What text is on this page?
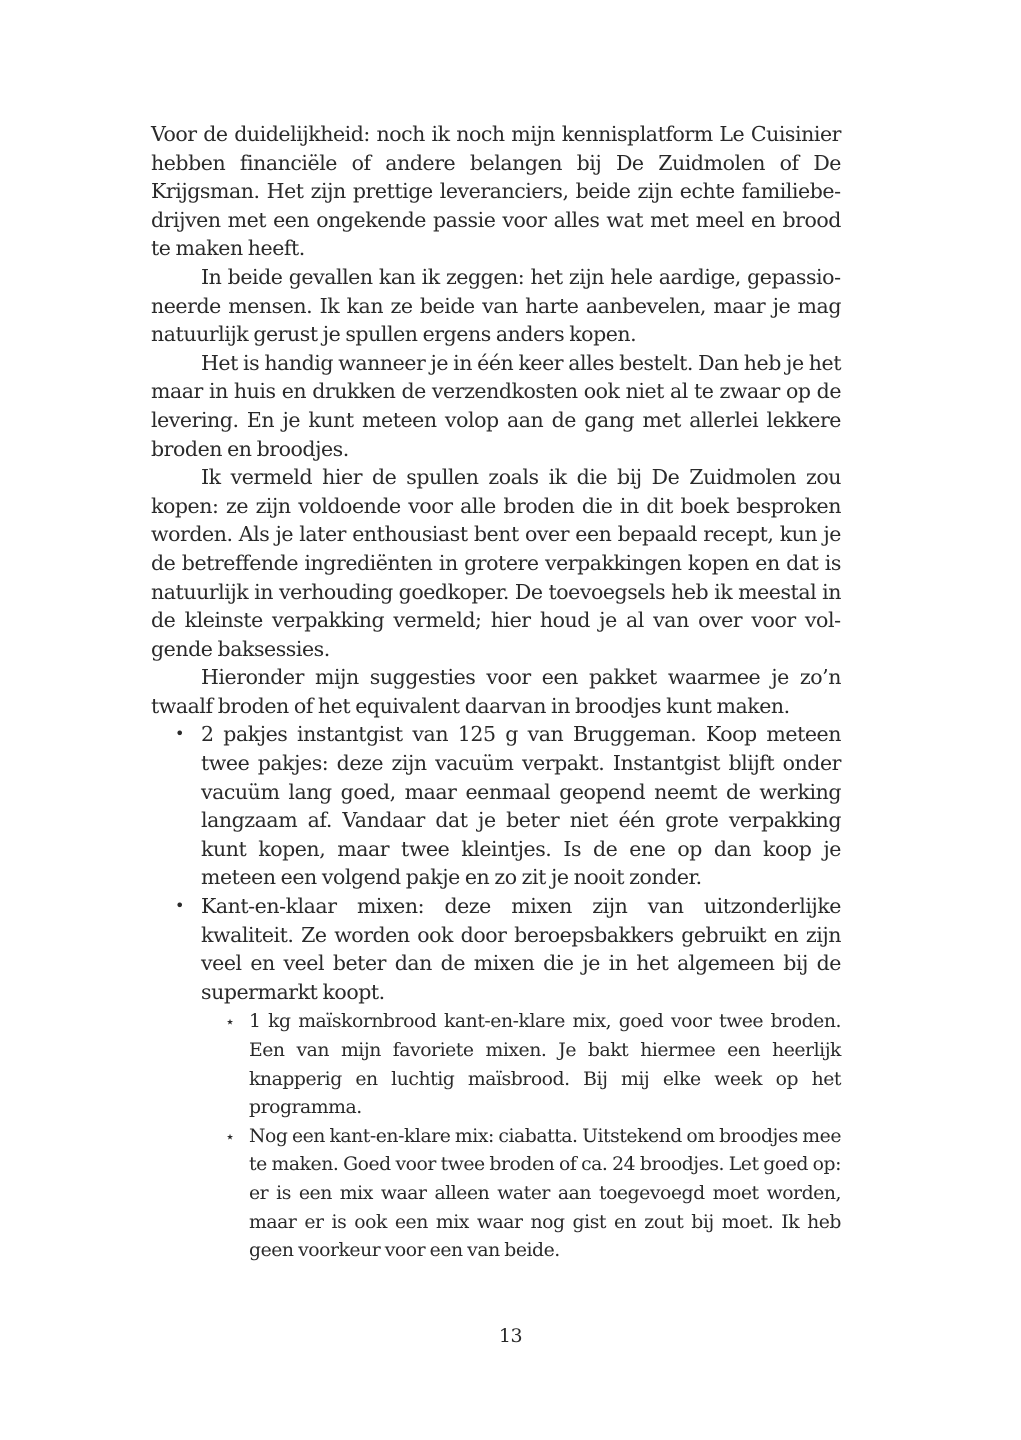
Voor de duidelijkheid: noch ik noch mijn kennisplatform Le Cuisinier hebben financiële of andere belangen bij De Zuidmolen of De Krijgsman. Het zijn prettige leveranciers, beide zijn echte familiebedrijven met een ongekende passie voor alles wat met meel en brood te maken heeft.

In beide gevallen kan ik zeggen: het zijn hele aardige, gepassioneerde mensen. Ik kan ze beide van harte aanbevelen, maar je mag natuurlijk gerust je spullen ergens anders kopen.

Het is handig wanneer je in één keer alles bestelt. Dan heb je het maar in huis en drukken de verzendkosten ook niet al te zwaar op de levering. En je kunt meteen volop aan de gang met allerlei lekkere broden en broodjes.

Ik vermeld hier de spullen zoals ik die bij De Zuidmolen zou kopen: ze zijn voldoende voor alle broden die in dit boek besproken worden. Als je later enthousiast bent over een bepaald recept, kun je de betreffende ingrediënten in grotere verpakkingen kopen en dat is natuurlijk in verhouding goedkoper. De toevoegsels heb ik meestal in de kleinste verpakking vermeld; hier houd je al van over voor volgende baksessies.

Hieronder mijn suggesties voor een pakket waarmee je zo’n twaalf broden of het equivalent daarvan in broodjes kunt maken.

• 2 pakjes instantgist van 125 g van Bruggeman. Koop meteen twee pakjes: deze zijn vacuüm verpakt. Instantgist blijft onder vacuüm lang goed, maar eenmaal geopend neemt de werking langzaam af. Vandaar dat je beter niet één grote verpakking kunt kopen, maar twee kleintjes. Is de ene op dan koop je meteen een volgend pakje en zo zit je nooit zonder.

• Kant-en-klaar mixen: deze mixen zijn van uitzonderlijke kwaliteit. Ze worden ook door beroepsbakkers gebruikt en zijn veel en veel beter dan de mixen die je in het algemeen bij de supermarkt koopt.

⋆ 1 kg maïskornbrood kant-en-klare mix, goed voor twee broden. Een van mijn favoriete mixen. Je bakt hiermee een heerlijk knapperig en luchtig maïsbrood. Bij mij elke week op het programma.

⋆ Nog een kant-en-klare mix: ciabatta. Uitstekend om broodjes mee te maken. Goed voor twee broden of ca. 24 broodjes. Let goed op: er is een mix waar alleen water aan toegevoegd moet worden, maar er is ook een mix waar nog gist en zout bij moet. Ik heb geen voorkeur voor een van beide.

13
